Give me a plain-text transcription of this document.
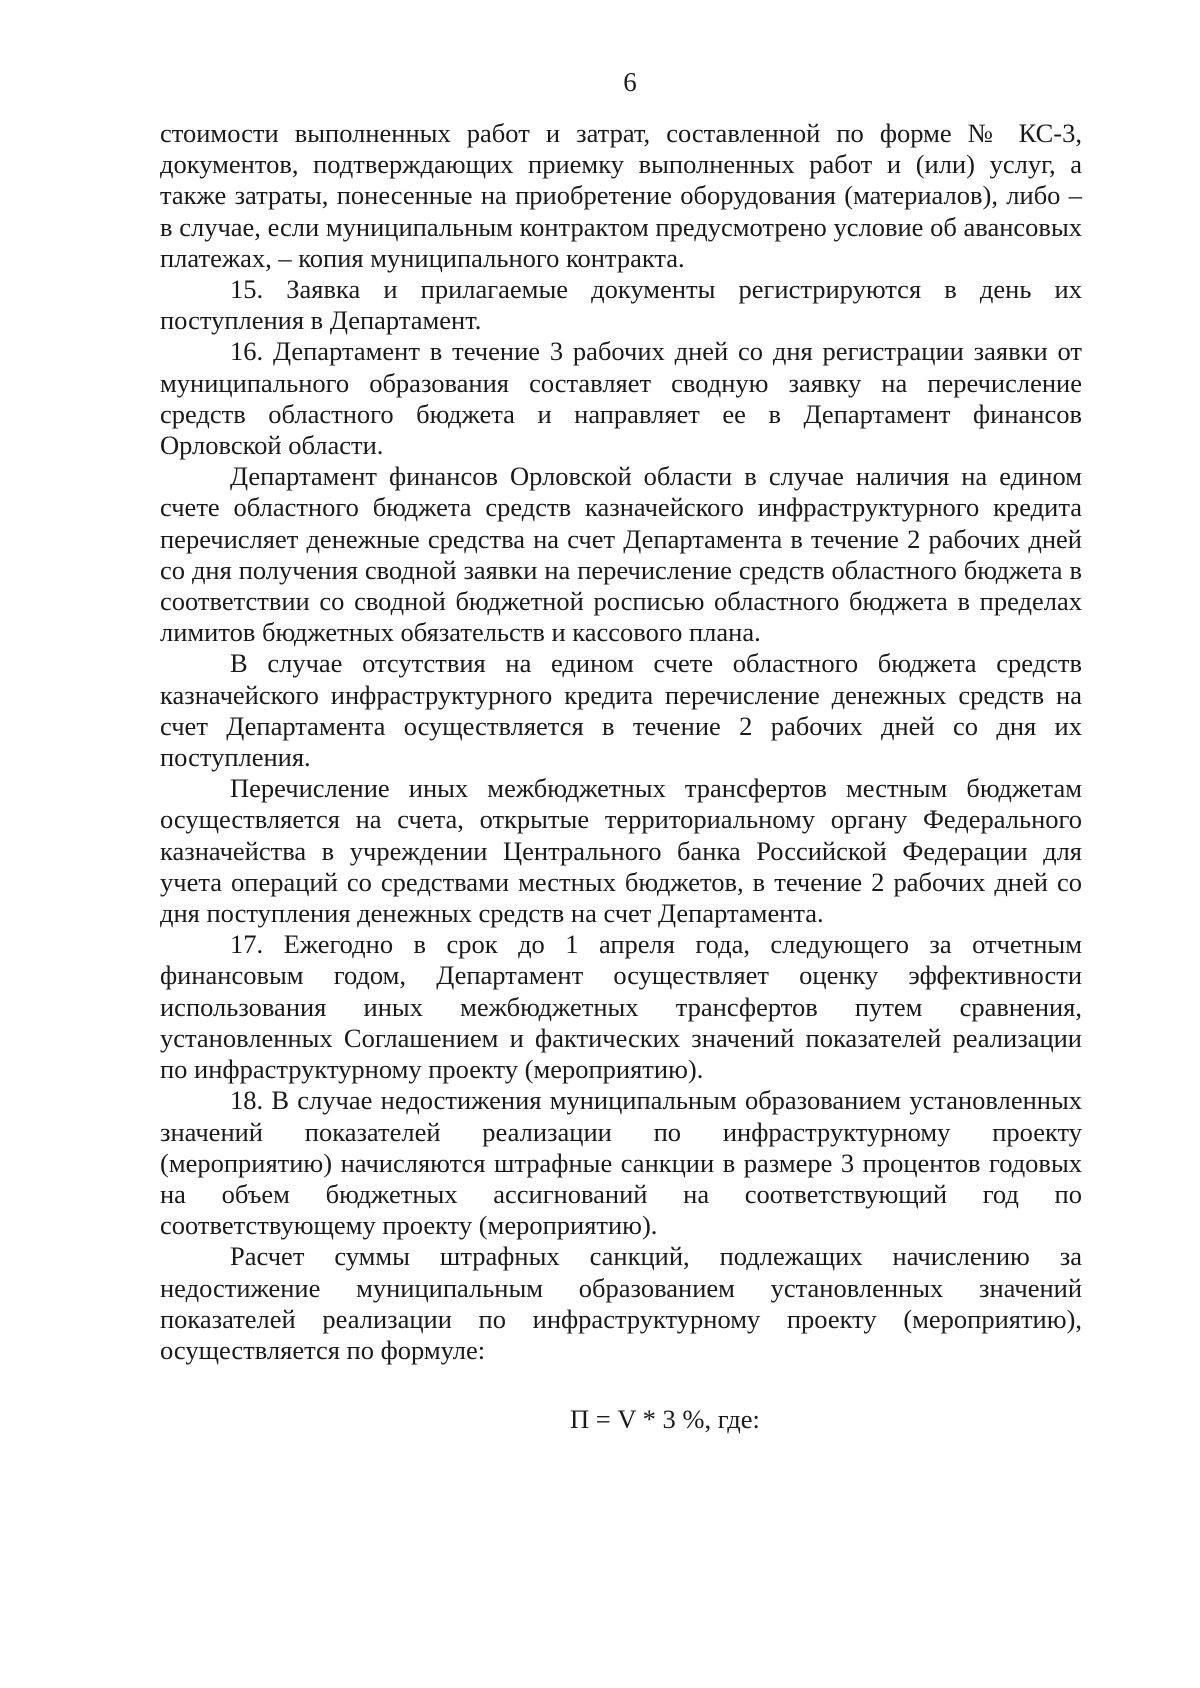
6

стоимости выполненных работ и затрат, составленной по форме № КС-3, документов, подтверждающих приемку выполненных работ и (или) услуг, а также затраты, понесенные на приобретение оборудования (материалов), либо – в случае, если муниципальным контрактом предусмотрено условие об авансовых платежах, – копия муниципального контракта.

15. Заявка и прилагаемые документы регистрируются в день их поступления в Департамент.

16. Департамент в течение 3 рабочих дней со дня регистрации заявки от муниципального образования составляет сводную заявку на перечисление средств областного бюджета и направляет ее в Департамент финансов Орловской области.

Департамент финансов Орловской области в случае наличия на едином счете областного бюджета средств казначейского инфраструктурного кредита перечисляет денежные средства на счет Департамента в течение 2 рабочих дней со дня получения сводной заявки на перечисление средств областного бюджета в соответствии со сводной бюджетной росписью областного бюджета в пределах лимитов бюджетных обязательств и кассового плана.

В случае отсутствия на едином счете областного бюджета средств казначейского инфраструктурного кредита перечисление денежных средств на счет Департамента осуществляется в течение 2 рабочих дней со дня их поступления.

Перечисление иных межбюджетных трансфертов местным бюджетам осуществляется на счета, открытые территориальному органу Федерального казначейства в учреждении Центрального банка Российской Федерации для учета операций со средствами местных бюджетов, в течение 2 рабочих дней со дня поступления денежных средств на счет Департамента.

17. Ежегодно в срок до 1 апреля года, следующего за отчетным финансовым годом, Департамент осуществляет оценку эффективности использования иных межбюджетных трансфертов путем сравнения, установленных Соглашением и фактических значений показателей реализации по инфраструктурному проекту (мероприятию).

18. В случае недостижения муниципальным образованием установленных значений показателей реализации по инфраструктурному проекту (мероприятию) начисляются штрафные санкции в размере 3 процентов годовых на объем бюджетных ассигнований на соответствующий год по соответствующему проекту (мероприятию).

Расчет суммы штрафных санкций, подлежащих начислению за недостижение муниципальным образованием установленных значений показателей реализации по инфраструктурному проекту (мероприятию), осуществляется по формуле:

П = V * 3 %, где:
